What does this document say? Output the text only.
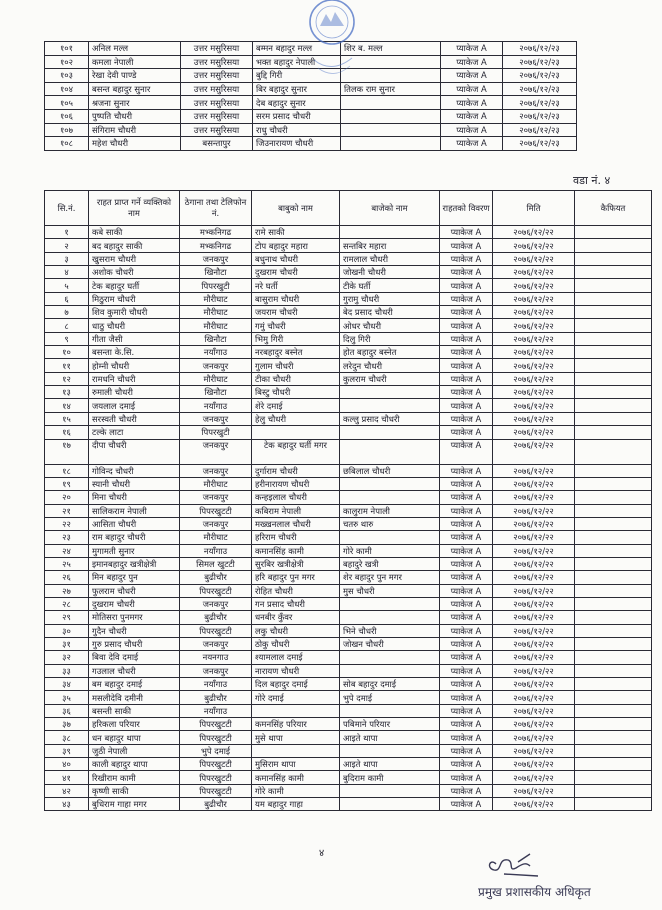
१०१	अनिल मल्ल	उत्तर मसुरिसया	बम्मन बहादुर मल्ल	शिर ब. मल्ल	प्याकेज A	२०७६/१२/२३
१०२	कमला नेपाली	उत्तर मसुरिसया	भक्त बहादुर नेपाली		प्याकेज A	२०७६/१२/२३
१०३	रेखा देवी पाण्डे	उत्तर मसुरिसया	बुद्दि गिरी		प्याकेज A	२०७६/१२/२३
१०४	बसन्त बहादुर सुनार	उत्तर मसुरिसया	बिर बहादुर सुनार	तिलक राम सुनार	प्याकेज A	२०७६/१२/२३
१०५	श्रजना सुनार	उत्तर मसुरिसया	देब बहादुर सुनार		प्याकेज A	२०७६/१२/२३
१०६	पुष्पति चौधरी	उत्तर मसुरिसया	सरम प्रसाद चौधरी		प्याकेज A	२०७६/१२/२३
१०७	संगिराम चौधरी	उत्तर मसुरिसया	राधु चौधरी		प्याकेज A	२०७६/१२/२३
१०८	महेश चौधरी	बसन्तापुर	जिउनारायण चौधरी		प्याकेज A	२०७६/१२/२३
वडा नं. ४
सि.नं.	राहत प्राप्त गर्ने व्यक्तिको नाम	ठेगाना तथा टेलिफोन नं.	बाबुको नाम	बाजेको नाम	राहतको विवरण	मिति	कैफियत
१	कबे साकी	मभ्कनिगढ	रामे साकी		प्याकेज A	२०७६/१२/२२	
२	बद बहादुर साकी	मभ्कनिगढ	टोप बहादुर महारा	सन्तबिर महारा	प्याकेज A	२०७६/१२/२२	
३	खुसराम चौधरी	जनकपुर	बधुनाथ चौधरी	रामलाल चौधरी	प्याकेज A	२०७६/१२/२२	
४	अशोक चौधरी	खिनौटा	दुखराम चौधरी	जोखनी चौधरी	प्याकेज A	२०७६/१२/२२	
५	टेक बहादुर घर्ती	पिपरखुटी	नरे घर्ती	टीके घर्ती	प्याकेज A	२०७६/१२/२२	
६	मिठुराम चौधरी	मौरीघाट	बासुराम चौधरी	गुरामु चौधरी	प्याकेज A	२०७६/१२/२२	
७	शिव कुमारी चौधरी	मौरीघाट	जयराम चौधरी	बेद प्रसाद चौधरी	प्याकेज A	२०७६/१२/२२	
८	धाठु चौधरी	मौरीघाट	गमुं चौधरी	ओधर चौधरी	प्याकेज A	२०७६/१२/२२	
९	गीता जैसी	खिनौटा	भिमु गिरी	दिलु गिरी	प्याकेज A	२०७६/१२/२२	
१०	बसन्ता के.सि.	नयाँगाउ	नरबहादुर बस्नेत	होत बहादुर बस्नेत	प्याकेज A	२०७६/१२/२२	
११	होम्नी चौधरी	जनकपुर	गुलाम चौधरी	लरेदुन चौधरी	प्याकेज A	२०७६/१२/२२	
१२	रामधनि चौधरी	मौरीघाट	टीका चौधरी	कुलराम चौधरी	प्याकेज A	२०७६/१२/२२	
१३	रुमाली चौधरी	खिनौटा	बिस्टु चौधरी		प्याकेज A	२०७६/१२/२२	
१४	जयलाल दमाई	नयाँगाउ	शेरे दमाई		प्याकेज A	२०७६/१२/२२	
१५	सरस्वती चौधरी	जनकपुर	हेलु चौधरी	कल्लु प्रसाद चौधरी	प्याकेज A	२०७६/१२/२२	
१६	टल्के लाटा	पिपरखुटी			प्याकेज A	२०७६/१२/२२	
१७	दीपा चौधरी	जनकपुर	टेक बहादुर घर्ती मगर		प्याकेज A	२०७६/१२/२२	
१८	गोविन्द चौधरी	जनकपुर	दुर्गाराम चौधरी	छबिलाल चौधरी	प्याकेज A	२०७६/१२/२२	
१९	स्यानी चौधरी	मौरीघाट	हरीनारायण चौधरी		प्याकेज A	२०७६/१२/२२	
२०	मिना चौधरी	जनकपुर	कन्हइलाल चौधरी		प्याकेज A	२०७६/१२/२२	
२१	सालिकराम नेपाली	पिपरखुटटी	कबिराम नेपाली	कालुराम नेपाली	प्याकेज A	२०७६/१२/२२	
२२	आसिता चौधरी	जनकपुर	मख्खनलाल चौधरी	चतरु थारु	प्याकेज A	२०७६/१२/२२	
२३	राम बहादुर चौधरी	मौरीघाट	हरिराम चौधरी		प्याकेज A	२०७६/१२/२२	
२४	मुगामती सुनार	नयाँगाउ	कमानसिंह कामी	गोरे कामी	प्याकेज A	२०७६/१२/२२	
२५	इमानबहादुर खत्रीक्षेत्री	सिमल खुटटी	सुरबिर खत्रीक्षेत्री	बहादुरे खत्री	प्याकेज A	२०७६/१२/२२	
२६	मिन बहादुर पुन	बुढीचौर	हरि बहादुर पुन मगर	शेर बहादुर पुन मगर	प्याकेज A	२०७६/१२/२२	
२७	फुलराम चौधरी	पिपरखुटटी	रोहित चौधरी	मुस चौधरी	प्याकेज A	२०७६/१२/२२	
२८	दुखराम चौधरी	जनकपुर	गन प्रसाद चौधरी		प्याकेज A	२०७६/१२/२२	
२९	मोतिसरा पुनमगर	बुढीचौर	धनबीर कुँवर		प्याकेज A	२०७६/१२/२२	
३०	गुदैन चौधरी	पिपरखुटटी	लकु चौधरी	भिने चौधरी	प्याकेज A	२०७६/१२/२२	
३१	गुरु प्रसाद चौधरी	जनकपुर	ठोकु चौधरी	जोखन चौधरी	प्याकेज A	२०७६/१२/२२	
३२	बिवा देवि दमाई	नयनगाउ	श्यामलाल दमाई		प्याकेज A	२०७६/१२/२२	
३३	गउलाल चौधरी	जनकपुर	नारायण चौधरी		प्याकेज A	२०७६/१२/२२	
३४	बम बहादुर दमाई	नयाँगाउ	दिल बहादुर दमाई	सोब बहादुर दमाई	प्याकेज A	२०७६/१२/२२	
३५	मसलीदेवि दमीनी	बुढीचौर	गोरे दमाई	भुपे दमाई	प्याकेज A	२०७६/१२/२२	
३६	बसन्ती साकी	नयाँगाउ			प्याकेज A	२०७६/१२/२२	
३७	हरिकला परियार	पिपरखुटटी	कमनसिंह परियार	पबिमाने परियार	प्याकेज A	२०७६/१२/२२	
३८	धन बहादुर थापा	पिपरखुटटी	मुसे थापा	आइते थापा	प्याकेज A	२०७६/१२/२२	
३९	जुठी नेपाली	भुपे दमाई			प्याकेज A	२०७६/१२/२२	
४०	काली बहादुर थापा	पिपरखुटटी	मुसिराम थापा	आइते थापा	प्याकेज A	२०७६/१२/२२	
४१	रिखीराम कामी	पिपरखुटटी	कमानसिंह कामी	बुदिराम कामी	प्याकेज A	२०७६/१२/२२	
४२	कृष्णी साकी	पिपरखुटटी	गोरे कामी		प्याकेज A	२०७६/१२/२२	
४३	बुधिराम गाहा मगर	बुढीचौर	यम बहादुर गाहा		प्याकेज A	२०७६/१२/२२	
४
प्रमुख प्रशासकीय अधिकृत
